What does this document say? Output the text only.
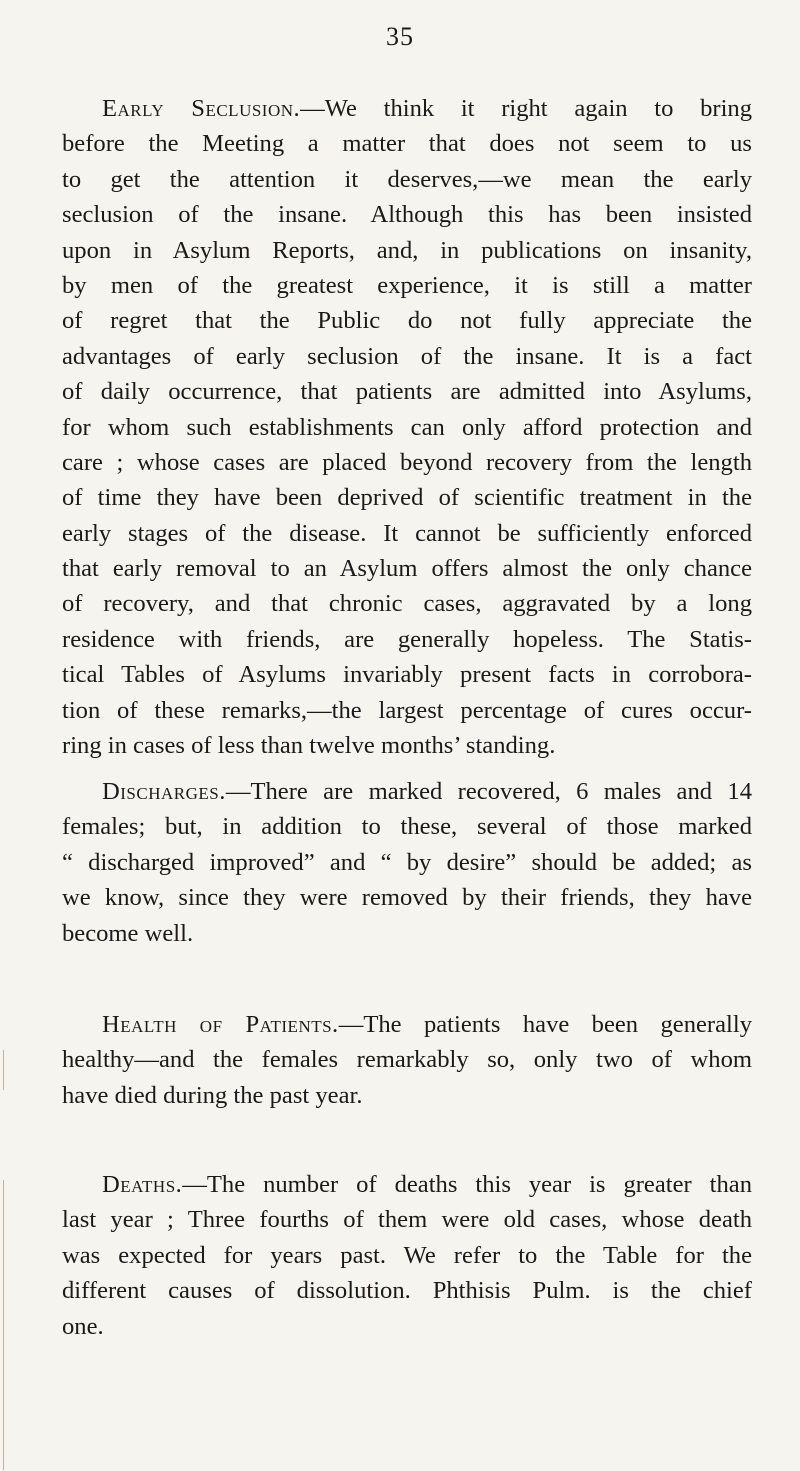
35
Early Seclusion.—We think it right again to bring
before the Meeting a matter that does not seem to us
to get the attention it deserves,—we mean the early
seclusion of the insane. Although this has been insisted
upon in Asylum Reports, and, in publications on insanity,
by men of the greatest experience, it is still a matter
of regret that the Public do not fully appreciate the
advantages of early seclusion of the insane. It is a fact
of daily occurrence, that patients are admitted into Asylums,
for whom such establishments can only afford protection and
care ; whose cases are placed beyond recovery from the length
of time they have been deprived of scientific treatment in the
early stages of the disease. It cannot be sufficiently enforced
that early removal to an Asylum offers almost the only chance
of recovery, and that chronic cases, aggravated by a long
residence with friends, are generally hopeless. The Statis-
tical Tables of Asylums invariably present facts in corrobora-
tion of these remarks,—the largest percentage of cures occur-
ring in cases of less than twelve months’ standing.
Discharges.—There are marked recovered, 6 males and 14
females; but, in addition to these, several of those marked
“ discharged improved” and “ by desire” should be added; as
we know, since they were removed by their friends, they have
become well.
Health of Patients.—The patients have been generally
healthy—and the females remarkably so, only two of whom
have died during the past year.
Deaths.—The number of deaths this year is greater than
last year ; Three fourths of them were old cases, whose death
was expected for years past. We refer to the Table for the
different causes of dissolution. Phthisis Pulm. is the chief
one.
